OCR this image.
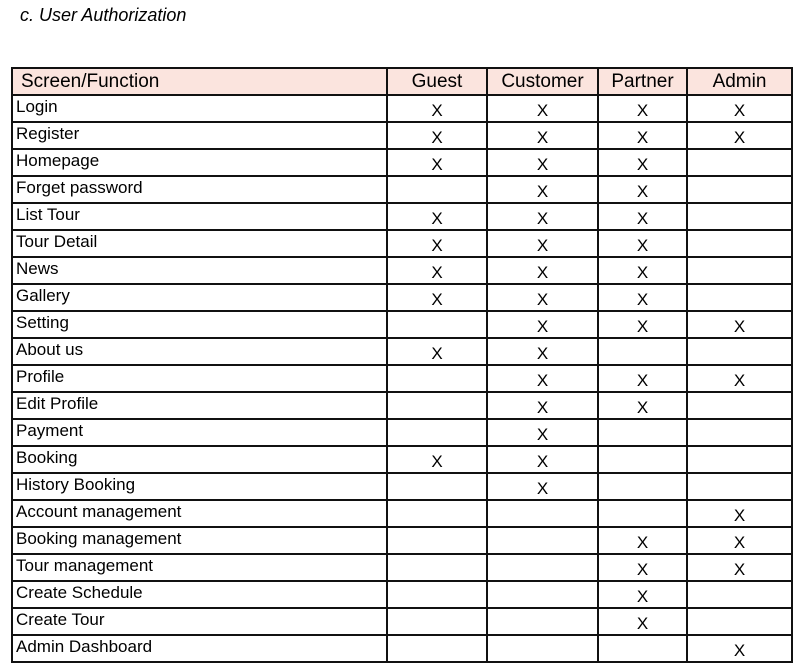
c. User Authorization

Screen/Function	Guest	Customer	Partner	Admin
Login	X	X	X	X
Register	X	X	X	X
Homepage	X	X	X	
Forget password		X	X	
List Tour	X	X	X	
Tour Detail	X	X	X	
News	X	X	X	
Gallery	X	X	X	
Setting		X	X	X
About us	X	X		
Profile		X	X	X
Edit Profile		X	X	
Payment		X		
Booking	X	X		
History Booking		X		
Account management				X
Booking management			X	X
Tour management			X	X
Create Schedule			X	
Create Tour			X	
Admin Dashboard				X
